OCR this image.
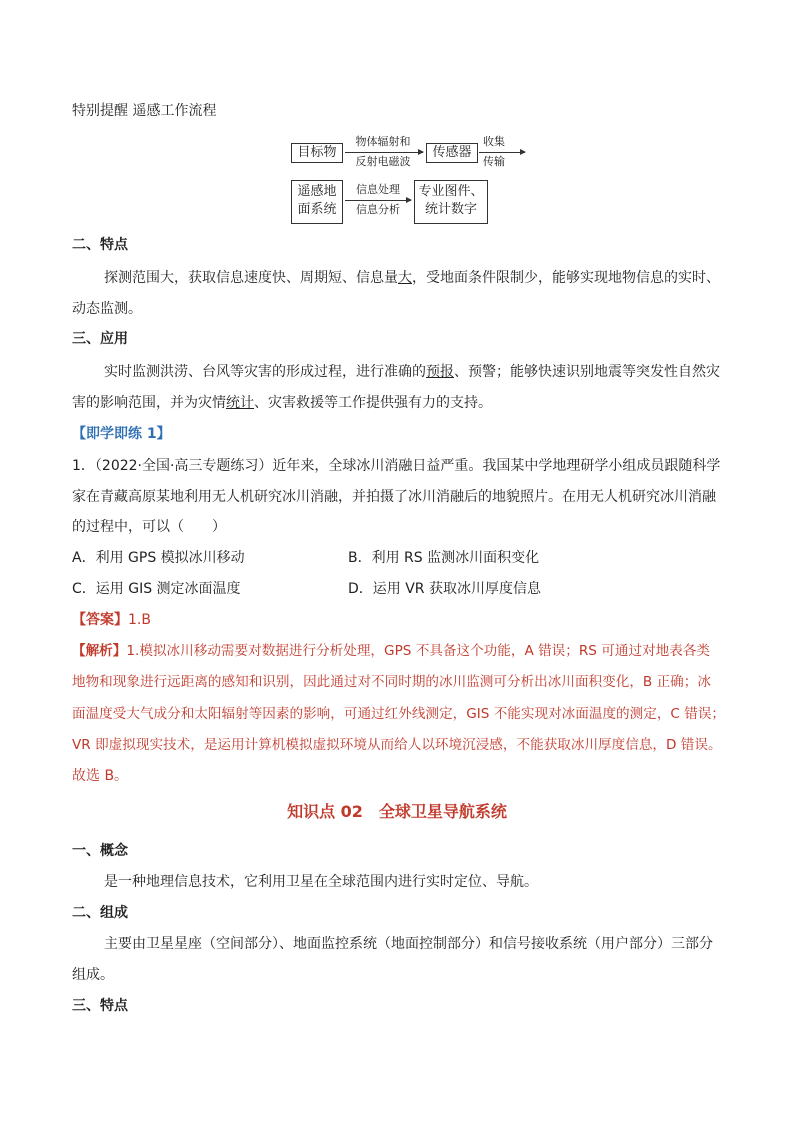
特别提醒 遥感工作流程
目标物
物体辐射和
反射电磁波
传感器
收集
传输
遥感地
面系统
信息处理
信息分析
专业图件、
统计数字
二、特点
探测范围大，获取信息速度快、周期短、信息量大，受地面条件限制少，能够实现地物信息的实时、
动态监测。
三、应用
实时监测洪涝、台风等灾害的形成过程，进行准确的预报、预警；能够快速识别地震等突发性自然灾
害的影响范围，并为灾情统计、灾害救援等工作提供强有力的支持。
【即学即练 1】
1．（2022·全国·高三专题练习）近年来，全球冰川消融日益严重。我国某中学地理研学小组成员跟随科学
家在青藏高原某地利用无人机研究冰川消融，并拍摄了冰川消融后的地貌照片。在用无人机研究冰川消融
的过程中，可以（　　）
A．利用 GPS 模拟冰川移动	B．利用 RS 监测冰川面积变化
C．运用 GIS 测定冰面温度	D．运用 VR 获取冰川厚度信息
【答案】1.B
【解析】1.模拟冰川移动需要对数据进行分析处理，GPS 不具备这个功能，A 错误；RS 可通过对地表各类
地物和现象进行远距离的感知和识别，因此通过对不同时期的冰川监测可分析出冰川面积变化，B 正确；冰
面温度受大气成分和太阳辐射等因素的影响，可通过红外线测定，GIS 不能实现对冰面温度的测定，C 错误；
VR 即虚拟现实技术，是运用计算机模拟虚拟环境从而给人以环境沉浸感，不能获取冰川厚度信息，D 错误。
故选 B。
知识点 02 全球卫星导航系统
一、概念
是一种地理信息技术，它利用卫星在全球范围内进行实时定位、导航。
二、组成
主要由卫星星座（空间部分）、地面监控系统（地面控制部分）和信号接收系统（用户部分）三部分
组成。
三、特点
